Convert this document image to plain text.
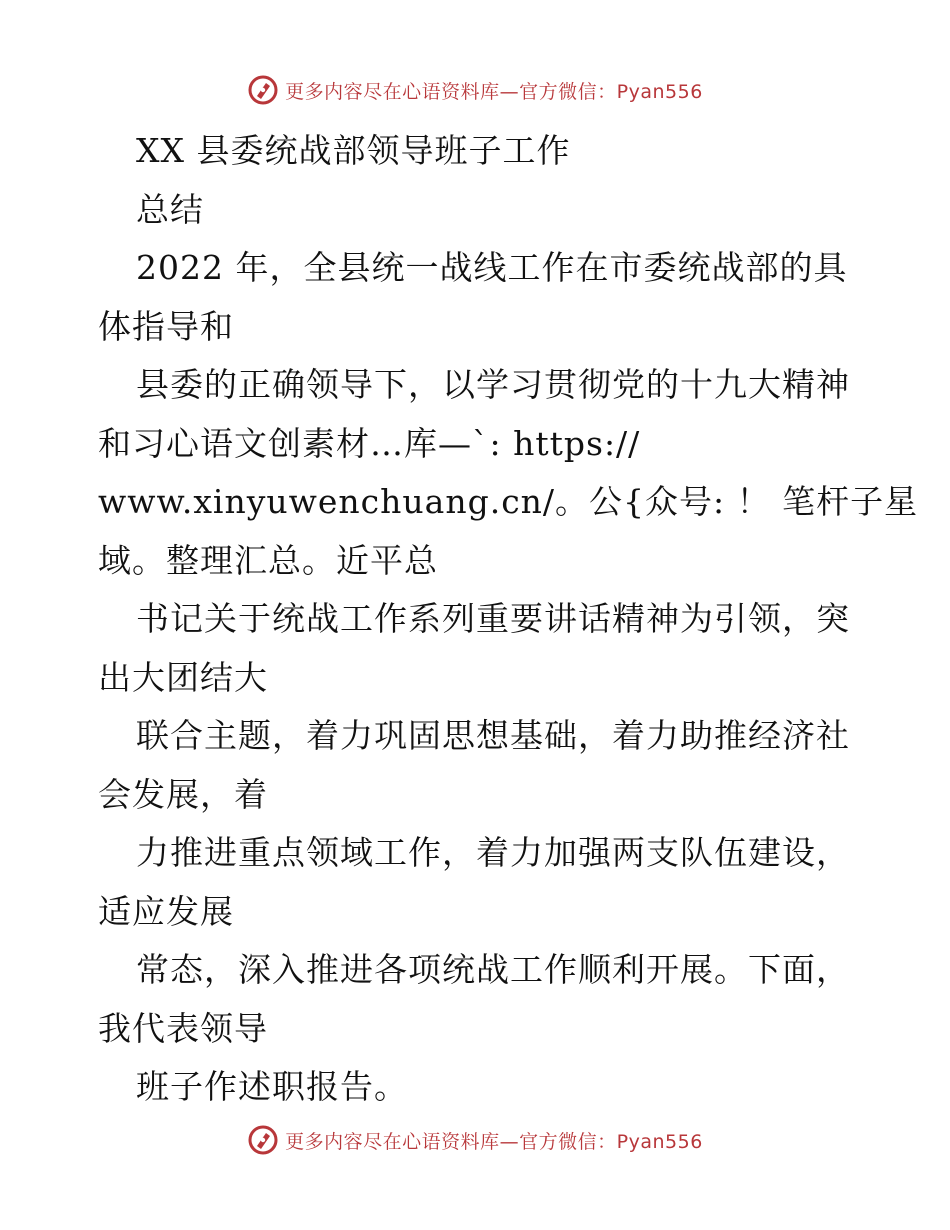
更多内容尽在心语资料库—官方微信：Pyan556
XX 县委统战部领导班子工作
总结
2022 年，全县统一战线工作在市委统战部的具
体指导和
县委的正确领导下，以学习贯彻党的十九大精神
和习心语文创素材…库—`: https://
www.xinyuwenchuang.cn/。公{众号: ！ 笔杆子星
域。整理汇总。近平总
书记关于统战工作系列重要讲话精神为引领，突
出大团结大
联合主题，着力巩固思想基础，着力助推经济社
会发展，着
力推进重点领域工作，着力加强两支队伍建设，
适应发展
常态，深入推进各项统战工作顺利开展。下面，
我代表领导
班子作述职报告。
更多内容尽在心语资料库—官方微信：Pyan556
